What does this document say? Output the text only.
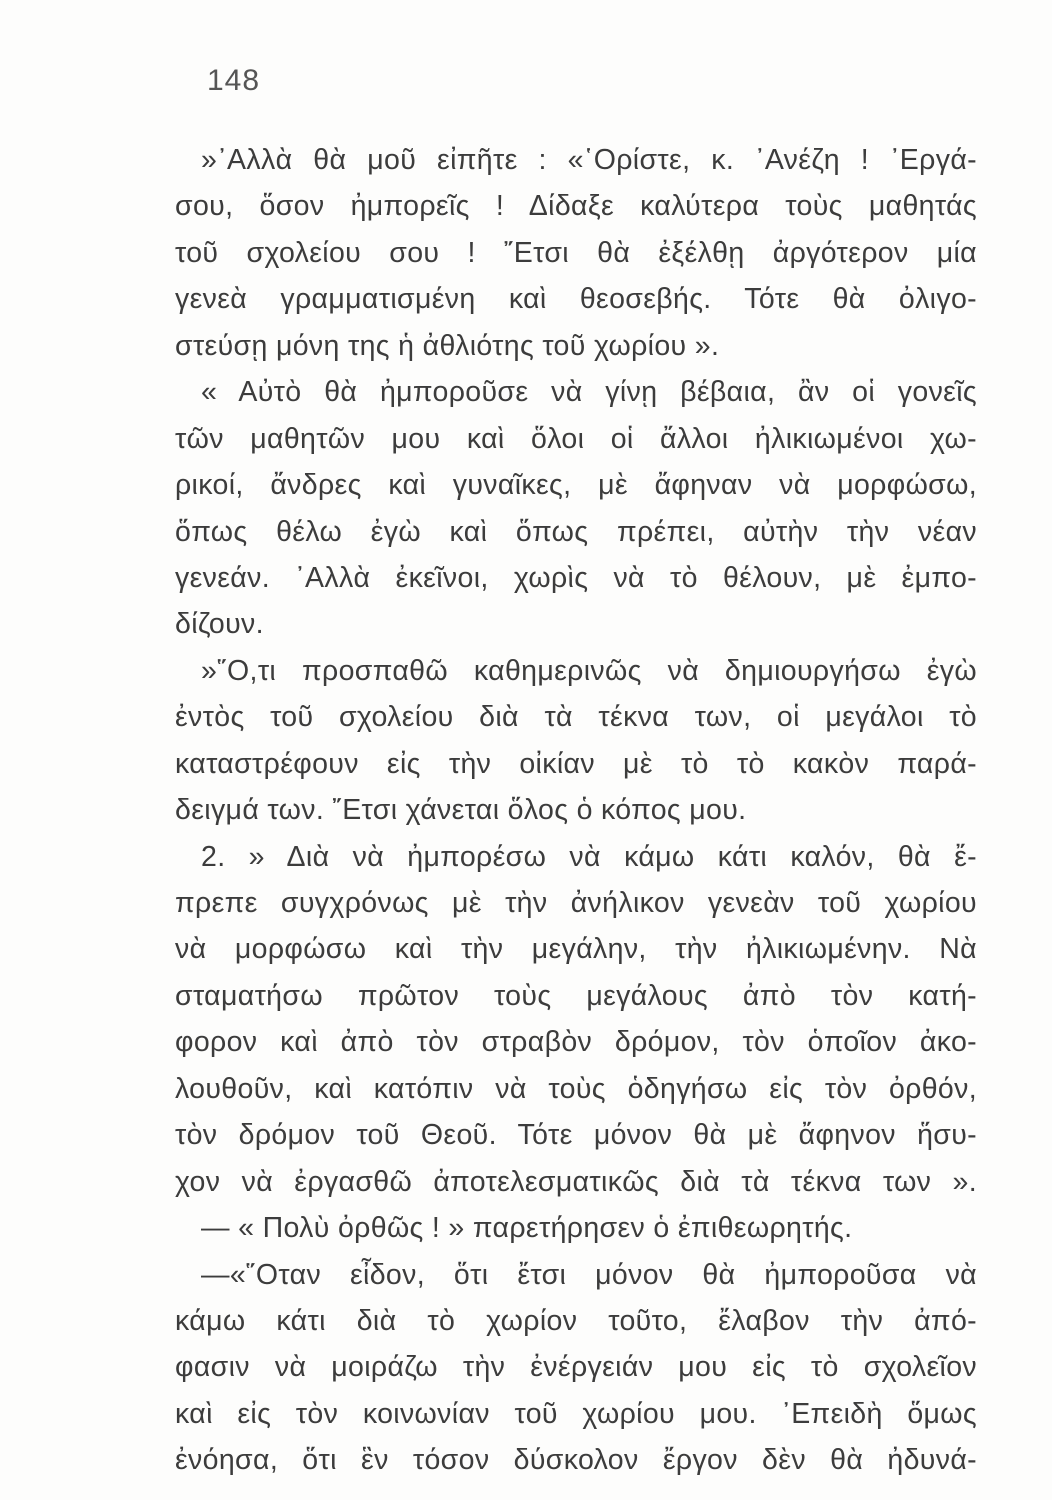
148
»᾿Αλλὰ θὰ μοῦ εἰπῆτε : «῾Ορίστε, κ. ᾿Ανέζη ! ᾿Εργά-
σου, ὅσον ἠμπορεῖς ! Δίδαξε καλύτερα τοὺς μαθητάς
τοῦ σχολείου σου ! ῎Ετσι θὰ ἐξέλθῃ ἀργότερον μία
γενεὰ γραμματισμένη καὶ θεοσεβής. Τότε θὰ ὀλιγο-
στεύσῃ μόνη της ἡ ἀθλιότης τοῦ χωρίου ».
« Αὐτὸ θὰ ἠμποροῦσε νὰ γίνῃ βέβαια, ἂν οἱ γονεῖς
τῶν μαθητῶν μου καὶ ὅλοι οἱ ἄλλοι ἠλικιωμένοι χω-
ρικοί, ἄνδρες καὶ γυναῖκες, μὲ ἄφηναν νὰ μορφώσω,
ὅπως θέλω ἐγὼ καὶ ὅπως πρέπει, αὐτὴν τὴν νέαν
γενεάν. ᾿Αλλὰ ἐκεῖνοι, χωρὶς νὰ τὸ θέλουν, μὲ ἐμπο-
δίζουν.
»῞Ο,τι προσπαθῶ καθημερινῶς νὰ δημιουργήσω ἐγὼ
ἐντὸς τοῦ σχολείου διὰ τὰ τέκνα των, οἱ μεγάλοι τὸ
καταστρέφουν εἰς τὴν οἰκίαν μὲ τὸ τὸ κακὸν παρά-
δειγμά των. ῎Ετσι χάνεται ὅλος ὁ κόπος μου.
2. » Διὰ νὰ ἠμπορέσω νὰ κάμω κάτι καλόν, θὰ ἔ-
πρεπε συγχρόνως μὲ τὴν ἀνήλικον γενεὰν τοῦ χωρίου
νὰ μορφώσω καὶ τὴν μεγάλην, τὴν ἠλικιωμένην. Νὰ
σταματήσω πρῶτον τοὺς μεγάλους ἀπὸ τὸν κατή-
φορον καὶ ἀπὸ τὸν στραβὸν δρόμον, τὸν ὁποῖον ἀκο-
λουθοῦν, καὶ κατόπιν νὰ τοὺς ὁδηγήσω εἰς τὸν ὀρθόν,
τὸν δρόμον τοῦ Θεοῦ. Τότε μόνον θὰ μὲ ἄφηνον ἥσυ-
χον νὰ ἐργασθῶ ἀποτελεσματικῶς διὰ τὰ τέκνα των ».
— « Πολὺ ὀρθῶς ! » παρετήρησεν ὁ ἐπιθεωρητής.
—«῞Οταν εἶδον, ὅτι ἔτσι μόνον θὰ ἠμποροῦσα νὰ
κάμω κάτι διὰ τὸ χωρίον τοῦτο, ἔλαβον τὴν ἀπό-
φασιν νὰ μοιράζω τὴν ἐνέργειάν μου εἰς τὸ σχολεῖον
καὶ εἰς τὸν κοινωνίαν τοῦ χωρίου μου. ᾿Επειδὴ ὅμως
ἐνόησα, ὅτι ἓν τόσον δύσκολον ἔργον δὲν θὰ ἠδυνά-
